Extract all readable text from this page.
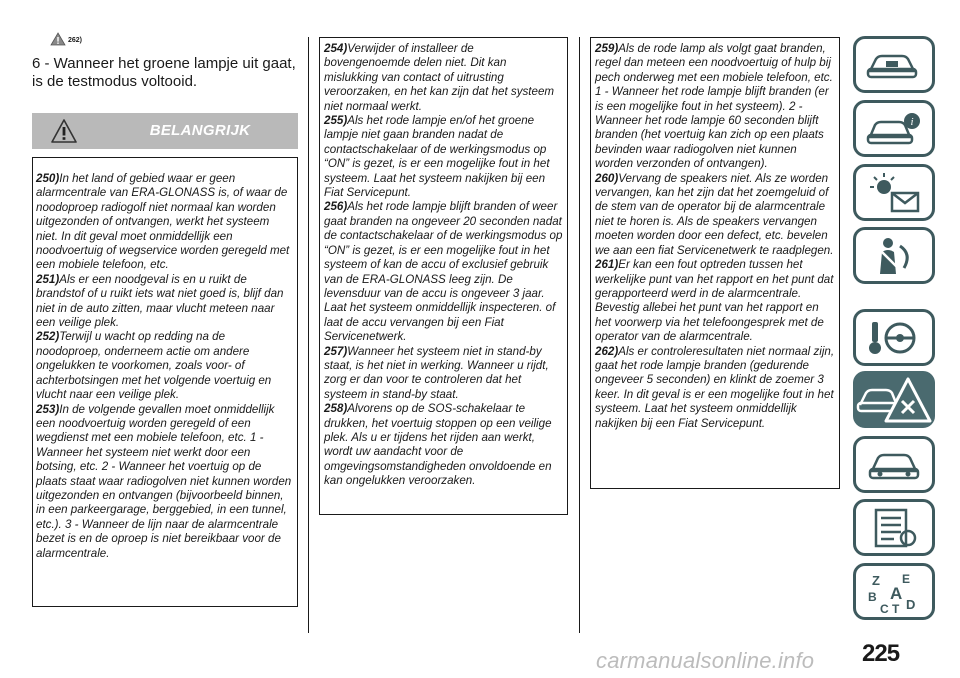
262)

6 - Wanneer het groene lampje uit gaat, is de testmodus voltooid.

BELANGRIJK

250)In het land of gebied waar er geen alarmcentrale van ERA-GLONASS is, of waar de noodoproep radiogolf niet normaal kan worden uitgezonden of ontvangen, werkt het systeem niet. In dit geval moet onmiddellijk een noodvoertuig of wegservice worden geregeld met een mobiele telefoon, etc.

251)Als er een noodgeval is en u ruikt de brandstof of u ruikt iets wat niet goed is, blijf dan niet in de auto zitten, maar vlucht meteen naar een veilige plek.

252)Terwijl u wacht op redding na de noodoproep, onderneem actie om andere ongelukken te voorkomen, zoals voor- of achterbotsingen met het volgende voertuig en vlucht naar een veilige plek.

253)In de volgende gevallen moet onmiddellijk een noodvoertuig worden geregeld of een wegdienst met een mobiele telefoon, etc. 1 - Wanneer het systeem niet werkt door een botsing, etc. 2 - Wanneer het voertuig op de plaats staat waar radiogolven niet kunnen worden uitgezonden en ontvangen (bijvoorbeeld binnen, in een parkeergarage, berggebied, in een tunnel, etc.). 3 - Wanneer de lijn naar de alarmcentrale bezet is en de oproep is niet bereikbaar voor de alarmcentrale.

254)Verwijder of installeer de bovengenoemde delen niet. Dit kan mislukking van contact of uitrusting veroorzaken, en het kan zijn dat het systeem niet normaal werkt.

255)Als het rode lampje en/of het groene lampje niet gaan branden nadat de contactschakelaar of de werkingsmodus op “ON” is gezet, is er een mogelijke fout in het systeem. Laat het systeem nakijken bij een Fiat Servicepunt.

256)Als het rode lampje blijft branden of weer gaat branden na ongeveer 20 seconden nadat de contactschakelaar of de werkingsmodus op “ON” is gezet, is er een mogelijke fout in het systeem of kan de accu of exclusief gebruik van de ERA-GLONASS leeg zijn. De levensduur van de accu is ongeveer 3 jaar. Laat het systeem onmiddellijk inspecteren. of laat de accu vervangen bij een Fiat Servicenetwerk.

257)Wanneer het systeem niet in stand-by staat, is het niet in werking. Wanneer u rijdt, zorg er dan voor te controleren dat het systeem in stand-by staat.

258)Alvorens op de SOS-schakelaar te drukken, het voertuig stoppen op een veilige plek. Als u er tijdens het rijden aan werkt, wordt uw aandacht voor de omgevingsomstandigheden onvoldoende en kan ongelukken veroorzaken.

259)Als de rode lamp als volgt gaat branden, regel dan meteen een noodvoertuig of hulp bij pech onderweg met een mobiele telefoon, etc. 1 - Wanneer het rode lampje blijft branden (er is een mogelijke fout in het systeem). 2 - Wanneer het rode lampje 60 seconden blijft branden (het voertuig kan zich op een plaats bevinden waar radiogolven niet kunnen worden verzonden of ontvangen).

260)Vervang de speakers niet. Als ze worden vervangen, kan het zijn dat het zoemgeluid of de stem van de operator bij de alarmcentrale niet te horen is. Als de speakers vervangen moeten worden door een defect, etc. bevelen we aan een fiat Servicenetwerk te raadplegen.

261)Er kan een fout optreden tussen het werkelijke punt van het rapport en het punt dat gerapporteerd werd in de alarmcentrale. Bevestig allebei het punt van het rapport en het voorwerp via het telefoongesprek met de operator van de alarmcentrale.

262)Als er controleresultaten niet normaal zijn, gaat het rode lampje branden (gedurende ongeveer 5 seconden) en klinkt de zoemer 3 keer. In dit geval is er een mogelijke fout in het systeem. Laat het systeem onmiddellijk nakijken bij een Fiat Servicepunt.

i
Z E
B A
C T D
225
carmanualsonline.info
